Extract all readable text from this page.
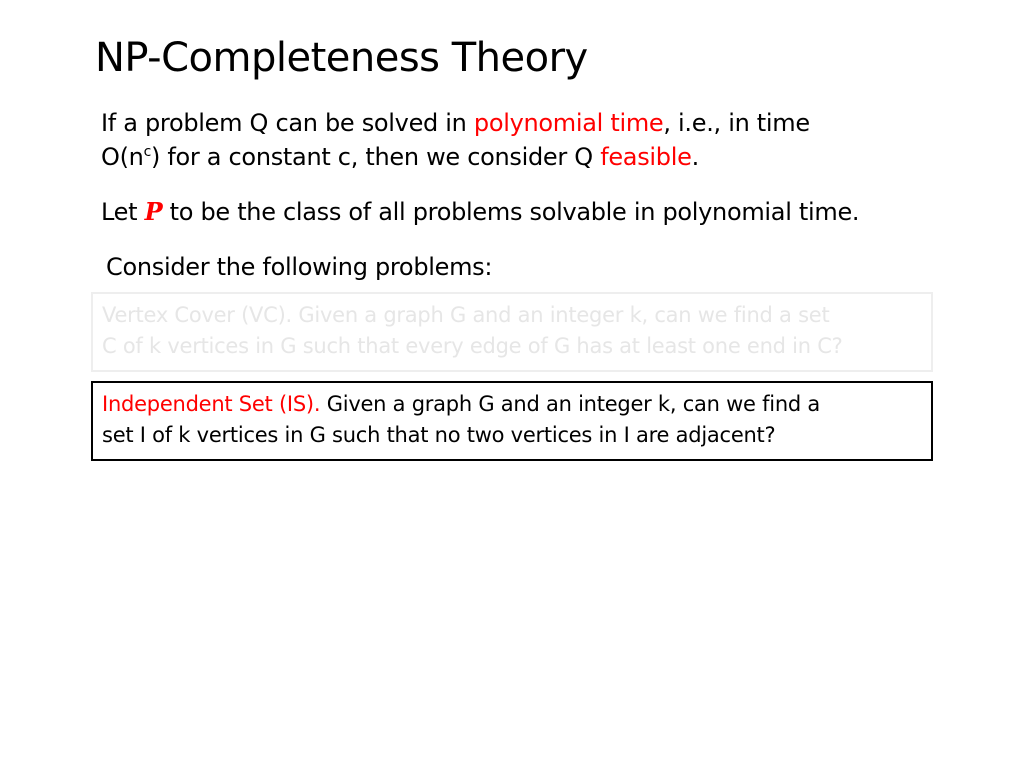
NP-Completeness Theory
If a problem Q can be solved in polynomial time, i.e., in time
$O(n^c)$ for a constant c, then we consider Q feasible.
Let P to be the class of all problems solvable in polynomial time.
Consider the following problems:
Vertex Cover (VC). Given a graph G and an integer k, can we find a set
C of k vertices in G such that every edge of G has at least one end in C?
Independent Set (IS). Given a graph G and an integer k, can we find a
set I of k vertices in G such that no two vertices in I are adjacent?
